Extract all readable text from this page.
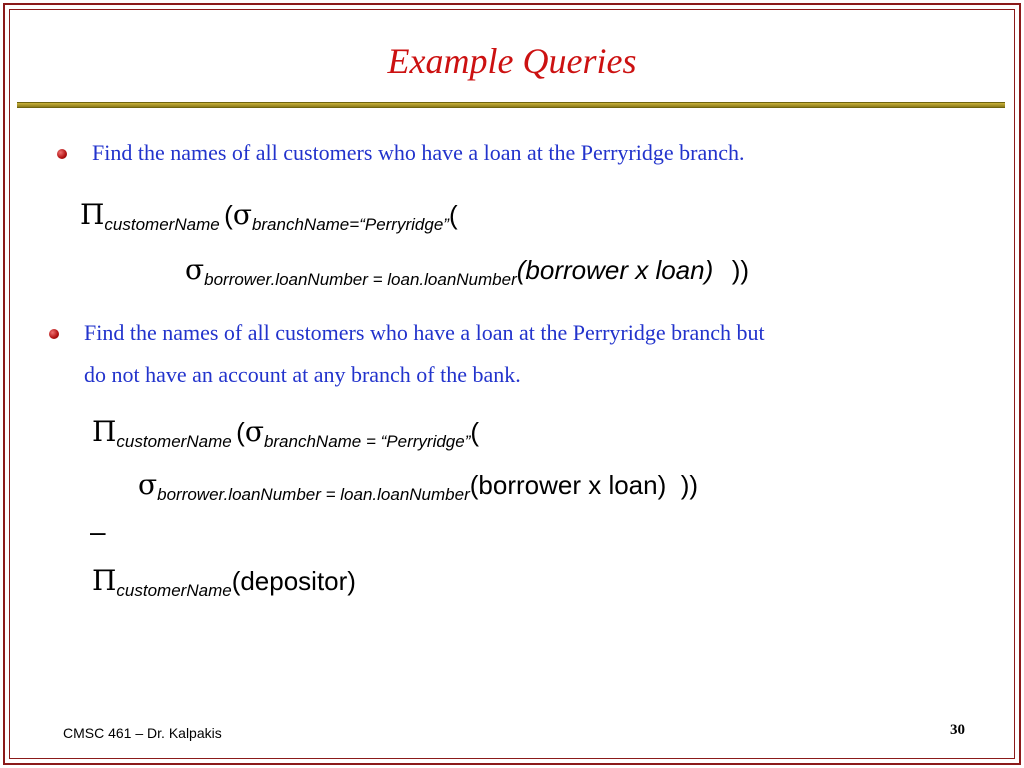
Example Queries
Find the names of all customers who have a loan at the Perryridge branch.
ΠcustomerName (σbranchName=“Perryridge”(
σborrower.loanNumber = loan.loanNumber(borrower x loan) ))
Find the names of all customers who have a loan at the Perryridge branch but
do not have an account at any branch of the bank.
ΠcustomerName (σbranchName = “Perryridge”(
σborrower.loanNumber = loan.loanNumber(borrower x loan) ))
–
ΠcustomerName(depositor)
CMSC 461 – Dr. Kalpakis	30
